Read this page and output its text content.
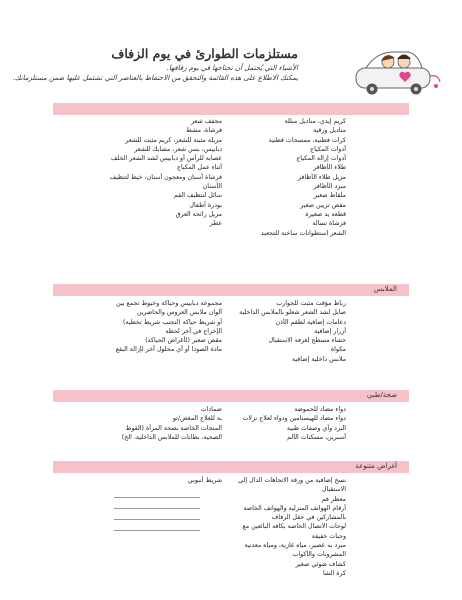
مستلزمات الطوارئ في يوم الزفاف
الأشياء التي يُحتمل أن تحتاجها في يوم زفافها.
يمكنك الاطلاع على هذه القائمة والتحقق من الاحتفاظ بالعناصر التي تشتمل عليها ضمن مستلزماتك.
كريم إيدي، مناديل مبللة
مناديل ورقية
كرات قطنية، ممسحات قطنية
أدوات المكياج
أدوات إزالة المكياج
طلاء الأظافر
مزيل طلاء الأظافر
مبرد الأظافر
ملقاط صغير
مقص تزيين صغير
قطعة يد صغيرة
فرشاة تسالة
الشعر استطوانات ساخنة للتجعيد
مجفف شعر
فرشاة، مشط
مزيلة مثبتة للشعر، كريم مثبت للشعر
دبابيس، بنس شعر، مشابك للشعر
عصابة للرأس أو دبابيس لشد الشعر الخلف
أثناء عمل المكياج
فرشاة أسنان ومعجون أسنان، خيط لتنظيف
الأسنان
سائل لتنظيف الفم
بودرة أطفال
مزيل رائحة العرق
عطر
الملابس
رباط مؤقت مثبت للجوارب
صابل لشد الشعر شعلو بالملابس الداخلية
دعامات إضافية لطقم الأذن
أزرار إضافية
حشاء مسطح لغرفة الاستقبال
مكواة
ملابس داخلية إضافية
مجموعة دبابيس وحياكة وخيوط تجمع بين
ألوان ملابس العروس والحاضرين
أو شريط حياكة (لتجنب شريط تخطية)
الإحراج في آخر لحظة
مقص صغير (لأغراض الحياكة)
مادة الصودا أو أي محلول آخر لإزالة البقع
صحة/طبي
دواء مضاد للحموضة
دواء مضاد للهيستامين ودواء لعلاج نزلات
البرد وأي وصفات طبية
أسبرين، مسكنات الألم
ضمادات
بة للعلاج المغص/تو
المتجات الخاصة بصحة المرأة (القوط
الصحية، بطانات للملابس الداخلية، الخ)
أغراض متنوعة
نسخ إضافية من ورقة الاتجاهات الدال إلى
الاستقبال
معطر فم
أرقام الهواتف المنزلية والهواتف الخاصة
بالمشاركين في حفل الزفاف
لوحات الاتصال الخاصة بكافة البائعين مع
وجبات خفيفة
مبرد به عصير، مياه غازية، ومياه معدنية
المشروبات والأكواب
كشاف ضوئي صغير
كرة الشا
شريط أنبوبي
